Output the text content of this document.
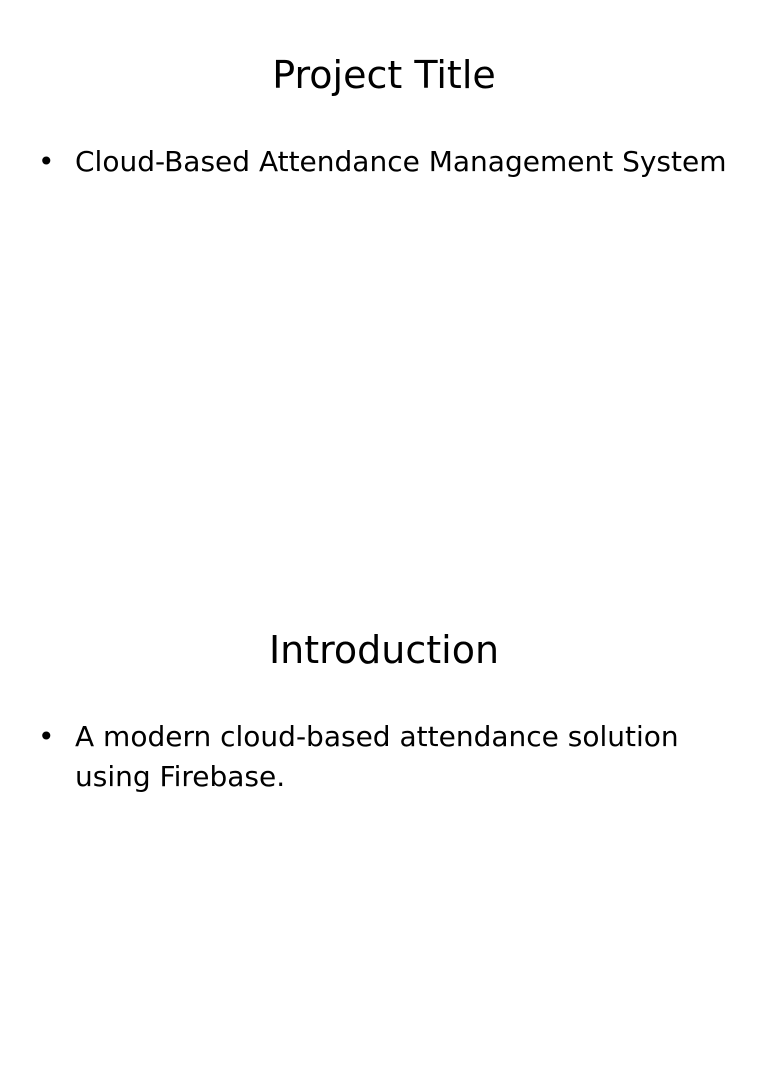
Project Title
• Cloud-Based Attendance Management System
Introduction
• A modern cloud-based attendance solution using Firebase.
